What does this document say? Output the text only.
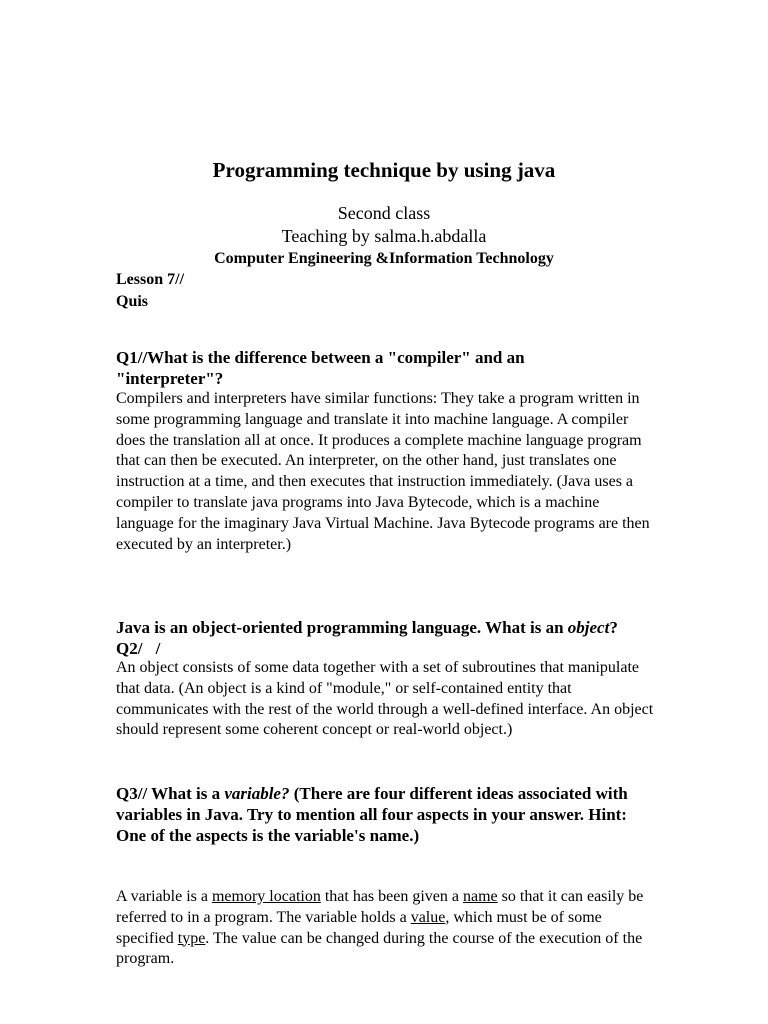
Programming technique by using java
Second class
Teaching by salma.h.abdalla
Computer Engineering &Information Technology
Lesson 7//
Quis
Q1//What is the difference between a "compiler" and an
"interpreter"?
Compilers and interpreters have similar functions: They take a program written in some programming language and translate it into machine language. A compiler does the translation all at once. It produces a complete machine language program that can then be executed. An interpreter, on the other hand, just translates one instruction at a time, and then executes that instruction immediately. (Java uses a compiler to translate java programs into Java Bytecode, which is a machine language for the imaginary Java Virtual Machine. Java Bytecode programs are then executed by an interpreter.)
Java is an object-oriented programming language. What is an object?
Q2//ٌ
An object consists of some data together with a set of subroutines that manipulate that data. (An object is a kind of "module," or self-contained entity that communicates with the rest of the world through a well-defined interface. An object should represent some coherent concept or real-world object.)
Q3// What is a variable? (There are four different ideas associated with variables in Java. Try to mention all four aspects in your answer. Hint: One of the aspects is the variable's name.)
A variable is a memory location that has been given a name so that it can easily be referred to in a program. The variable holds a value, which must be of some specified type. The value can be changed during the course of the execution of the program.
